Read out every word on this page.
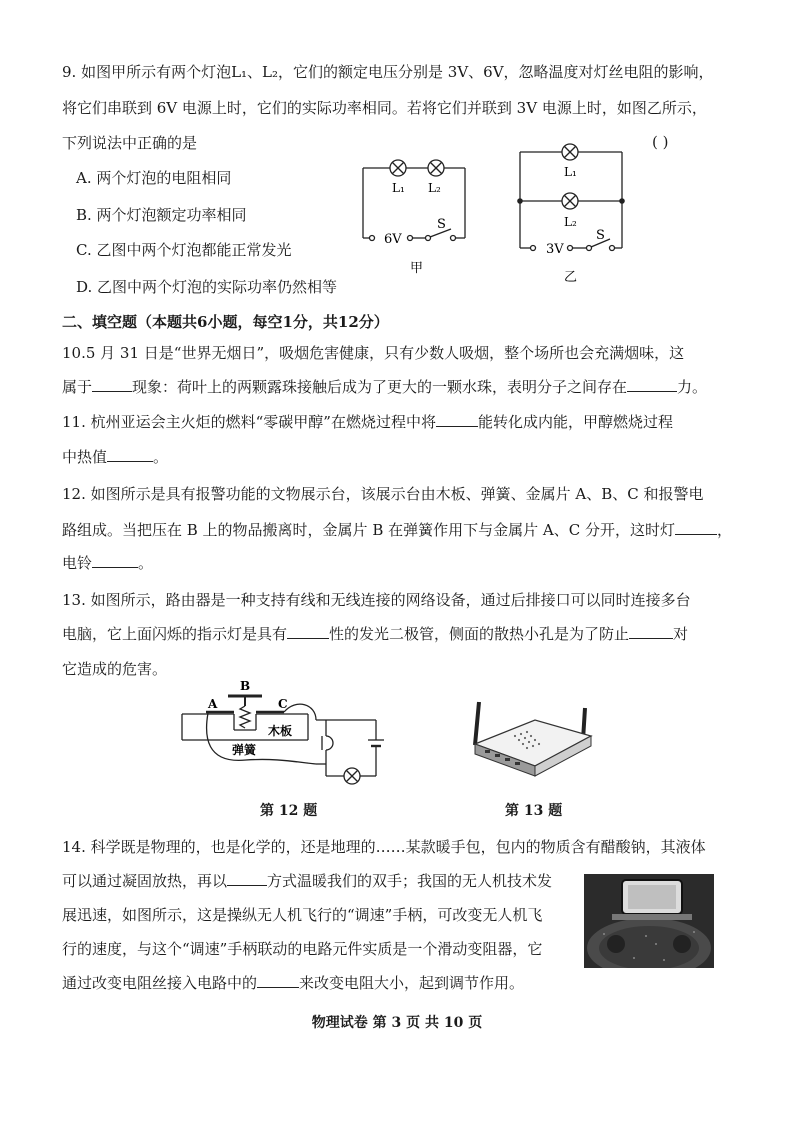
9. 如图甲所示有两个灯泡L₁、L₂，它们的额定电压分别是 3V、6V，忽略温度对灯丝电阻的影响，
将它们串联到 6V 电源上时，它们的实际功率相同。若将它们并联到 3V 电源上时，如图乙所示，
下列说法中正确的是	( )
A. 两个灯泡的电阻相同
B. 两个灯泡额定功率相同
C. 乙图中两个灯泡都能正常发光
D. 乙图中两个灯泡的实际功率仍然相等
L₁ L₂
6V
S
甲
L₁
L₂
3V
S
乙
二、填空题（本题共6小题，每空1分，共12分）
10.5 月 31 日是“世界无烟日”，吸烟危害健康，只有少数人吸烟，整个场所也会充满烟味，这
属于	现象：荷叶上的两颗露珠接触后成为了更大的一颗水珠，表明分子之间存在	力。
11. 杭州亚运会主火炬的燃料“零碳甲醇”在燃烧过程中将	能转化成内能，甲醇燃烧过程
中热值	。
12. 如图所示是具有报警功能的文物展示台，该展示台由木板、弹簧、金属片 A、B、C 和报警电
路组成。当把压在 B 上的物品搬离时，金属片 B 在弹簧作用下与金属片 A、C 分开，这时灯	，
电铃	。
13. 如图所示，路由器是一种支持有线和无线连接的网络设备，通过后排接口可以同时连接多台
电脑，它上面闪烁的指示灯是具有	性的发光二极管，侧面的散热小孔是为了防止	对
它造成的危害。
A
B
C
木板
弹簧
第 12 题	第 13 题
14. 科学既是物理的，也是化学的，还是地理的……某款暖手包，包内的物质含有醋酸钠，其液体
可以通过凝固放热，再以	方式温暖我们的双手；我国的无人机技术发
展迅速，如图所示，这是操纵无人机飞行的“调速”手柄，可改变无人机飞
行的速度，与这个“调速”手柄联动的电路元件实质是一个滑动变阻器，它
通过改变电阻丝接入电路中的	来改变电阻大小，起到调节作用。
物理试卷 第 3 页 共 10 页
